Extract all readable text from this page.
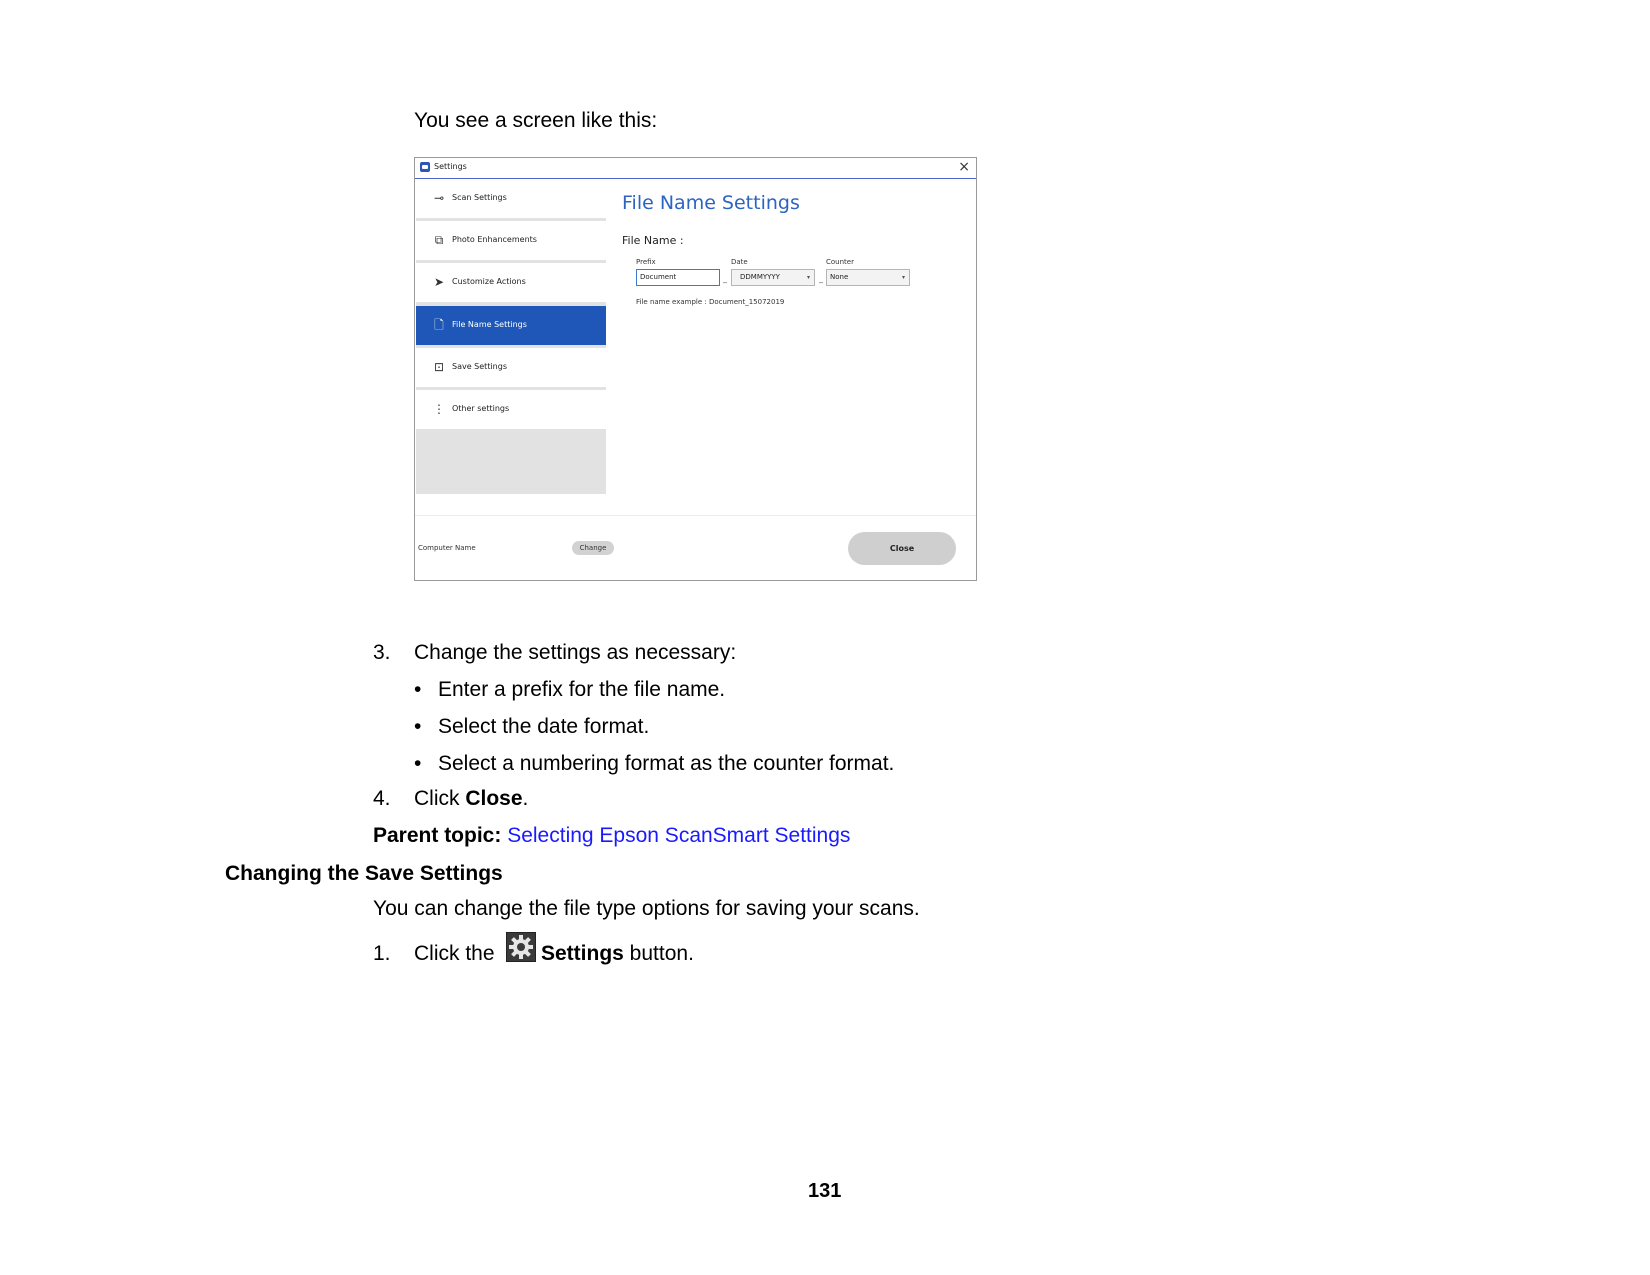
You see a screen like this:
Settings	×
⊸ Scan Settings
⧉	Photo Enhancements
➤ Customize Actions
🗋 File Name Settings
⊡ Save Settings
⋮ Other settings
File Name Settings
File Name :
Prefix	Date	Counter
Document	_	DDMMYYYY	▾ _	None	▾
File name example : Document_15072019
Computer Name	Change	Close
3. Change the settings as necessary:
• Enter a prefix for the file name.
• Select the date format.
• Select a numbering format as the counter format.
4. Click Close.
Parent topic: Selecting Epson ScanSmart Settings
Changing the Save Settings
You can change the file type options for saving your scans.
1. Click the Settings button.
131
